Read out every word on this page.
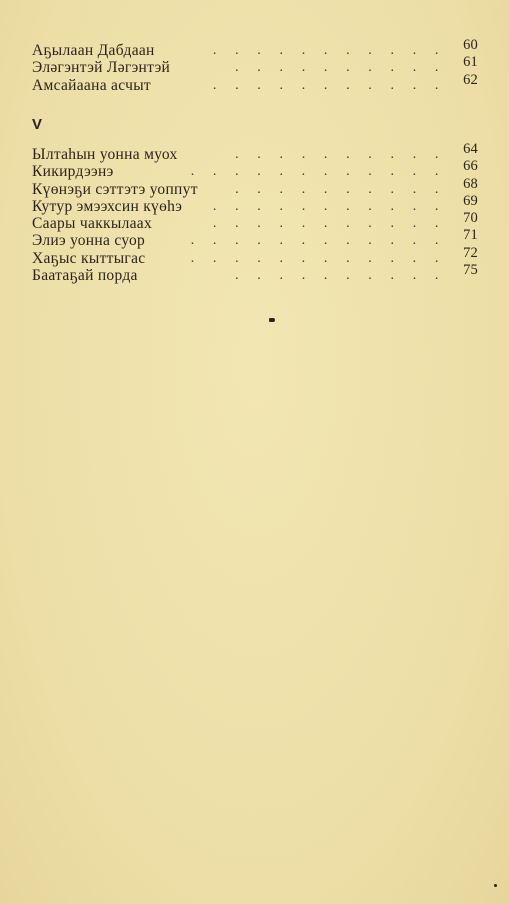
Аҕылаан Дабдаан	. . . . . . . . . . . 60
Эләгэнтэй Ләгэнтэй	. . . . . . . . . . 61
Амсайаана асчыт	. . . . . . . . . . . 62
V
Ылтаһын уонна муох	. . . . . . . . . . 64
Кикирдээнэ	. . . . . . . . . . . . 66
Күөнэҕи сэттэтэ уоппут	. . . . . . . . . . 68
Кутур эмээхсин күөһэ . . . . . . . . . . . 69
Саары чаккылаах	. . . . . . . . . . . 70
Элиэ уонна суор	. . . . . . . . . . . . 71
Хаҕыс кыттыгас	. . . . . . . . . . . . 72
Баатаҕай порда	. . . . . . . . . . 75
